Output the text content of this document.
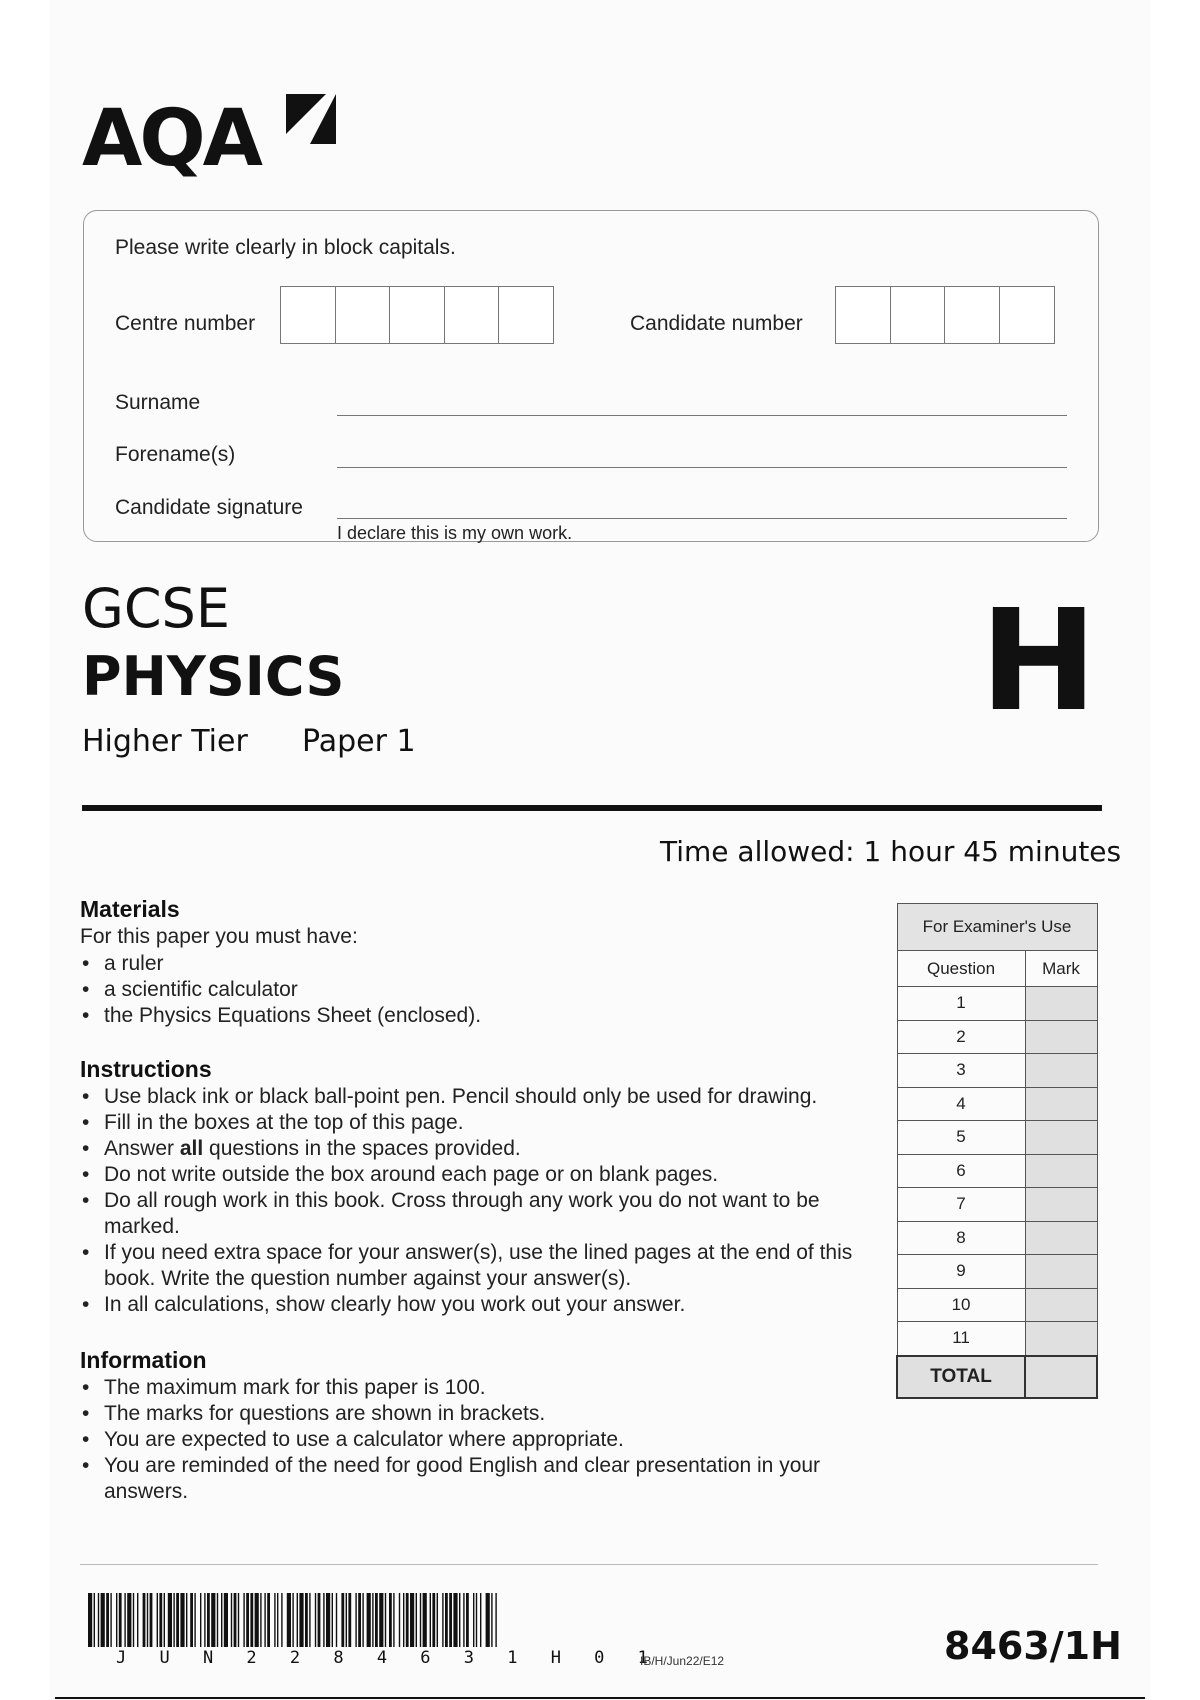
AQA
Please write clearly in block capitals.
Centre number	Candidate number
Surname
Forename(s)
Candidate signature
I declare this is my own work.
GCSE
PHYSICS
Higher Tier Paper 1	H
Time allowed: 1 hour 45 minutes
Materials
For this paper you must have:
• a ruler
• a scientific calculator
• the Physics Equations Sheet (enclosed).
Instructions
• Use black ink or black ball-point pen. Pencil should only be used for drawing.
• Fill in the boxes at the top of this page.
• Answer all questions in the spaces provided.
• Do not write outside the box around each page or on blank pages.
• Do all rough work in this book. Cross through any work you do not want to be marked.
• If you need extra space for your answer(s), use the lined pages at the end of this book. Write the question number against your answer(s).
• In all calculations, show clearly how you work out your answer.
Information
• The maximum mark for this paper is 100.
• The marks for questions are shown in brackets.
• You are expected to use a calculator where appropriate.
• You are reminded of the need for good English and clear presentation in your answers.
For Examiner's Use	
Question	Mark
1	
2	
3	
4	
5	
6	
7	
8	
9	
10	
11	
TOTAL	
J U N 2 2 8 4 6 3 1 H 0 1
IB/H/Jun22/E12	8463/1H
